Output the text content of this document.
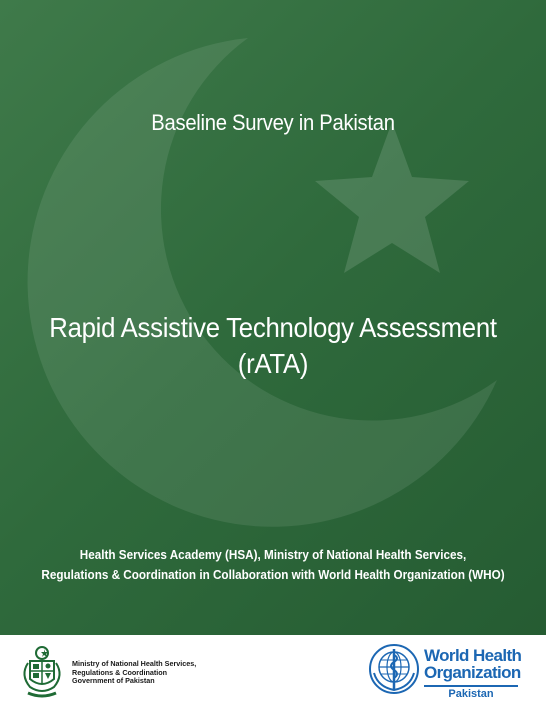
Baseline Survey in Pakistan
Rapid Assistive Technology Assessment
(rATA)
Health Services Academy (HSA), Ministry of National Health Services,
Regulations & Coordination in Collaboration with World Health Organization (WHO)
Ministry of National Health Services,
Regulations & Coordination
Government of Pakistan
World Health
Organization
Pakistan
